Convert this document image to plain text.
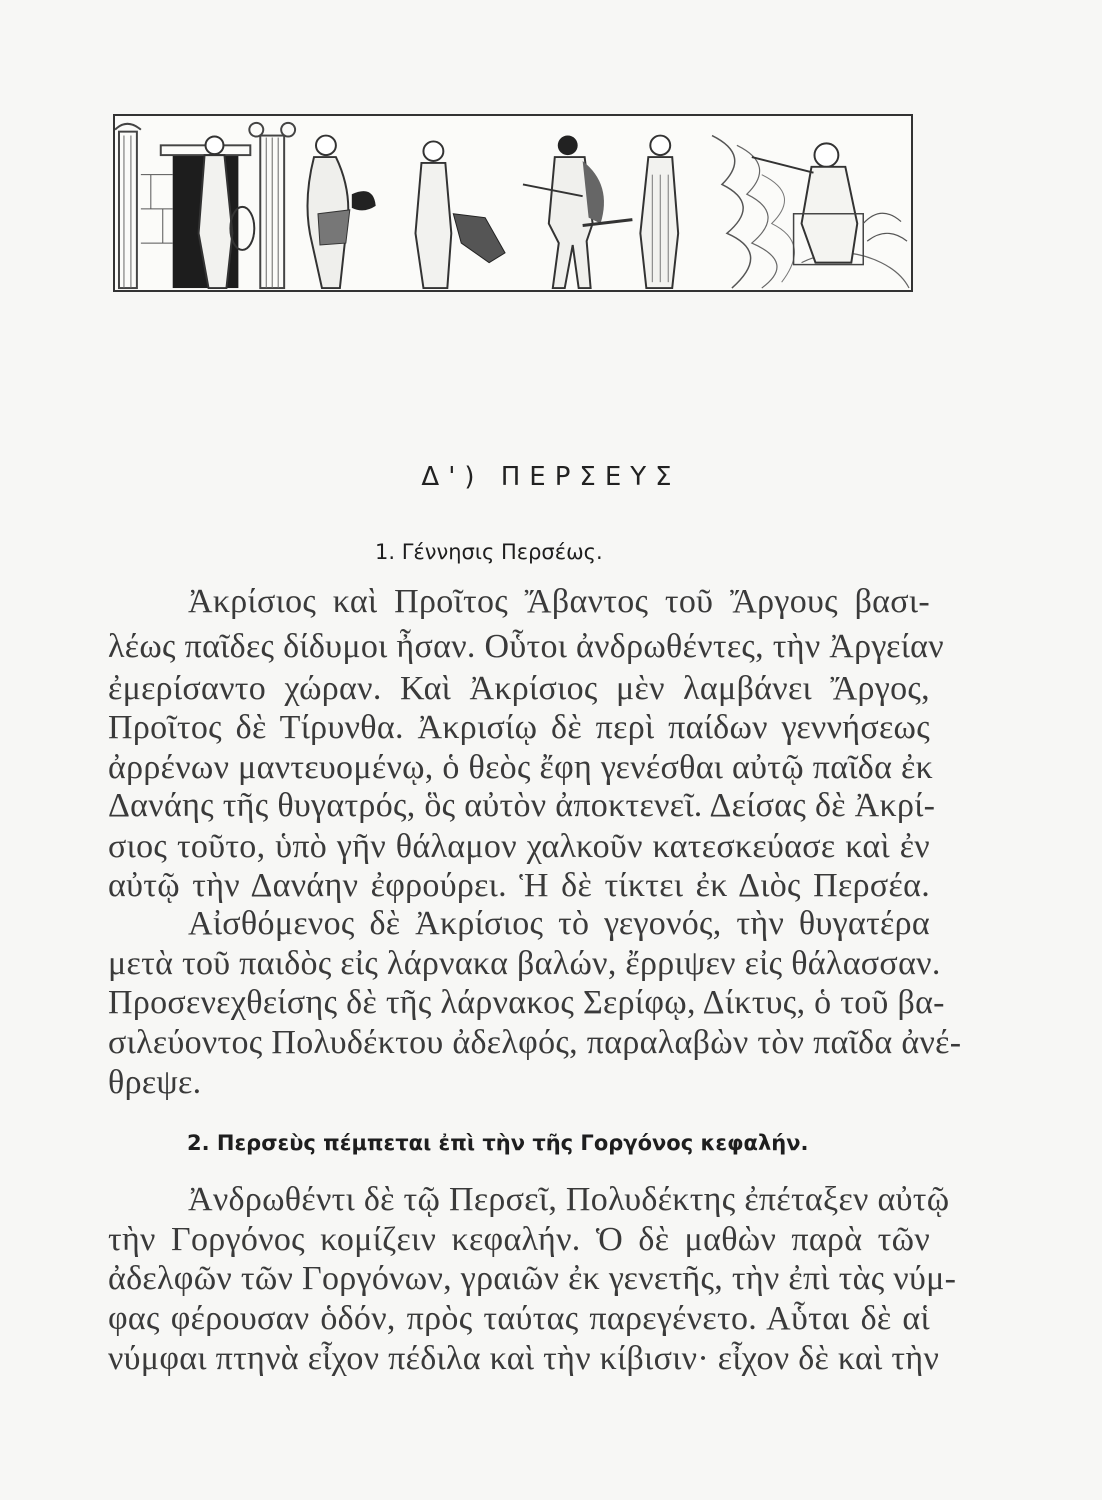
Δ') ΠΕΡΣΕΥΣ
1. Γέννησις Περσέως.
Ἀκρίσιος καὶ Προῖτος Ἄβαντος τοῦ Ἄργους βασι-
λέως παῖδες δίδυμοι ἦσαν. Οὗτοι ἀνδρωθέντες, τὴν Ἀργείαν
ἐμερίσαντο χώραν. Καὶ Ἀκρίσιος μὲν λαμβάνει Ἄργος,
Προῖτος δὲ Τίρυνθα. Ἀκρισίῳ δὲ περὶ παίδων γεννήσεως
ἀρρένων μαντευομένῳ, ὁ θεὸς ἔφη γενέσθαι αὐτῷ παῖδα ἐκ
Δανάης τῆς θυγατρός, ὃς αὐτὸν ἀποκτενεῖ. Δείσας δὲ Ἀκρί-
σιος τοῦτο, ὑπὸ γῆν θάλαμον χαλκοῦν κατεσκεύασε καὶ ἐν
αὐτῷ τὴν Δανάην ἐφρούρει. Ἡ δὲ τίκτει ἐκ Διὸς Περσέα.
Αἰσθόμενος δὲ Ἀκρίσιος τὸ γεγονός, τὴν θυγατέρα
μετὰ τοῦ παιδὸς εἰς λάρνακα βαλών, ἔρριψεν εἰς θάλασσαν.
Προσενεχθείσης δὲ τῆς λάρνακος Σερίφῳ, Δίκτυς, ὁ τοῦ βα-
σιλεύοντος Πολυδέκτου ἀδελφός, παραλαβὼν τὸν παῖδα ἀνέ-
θρεψε.
2. Περσεὺς πέμπεται ἐπὶ τὴν τῆς Γοργόνος κεφαλήν.
Ἀνδρωθέντι δὲ τῷ Περσεῖ, Πολυδέκτης ἐπέταξεν αὐτῷ
τὴν Γοργόνος κομίζειν κεφαλήν. Ὁ δὲ μαθὼν παρὰ τῶν
ἀδελφῶν τῶν Γοργόνων, γραιῶν ἐκ γενετῆς, τὴν ἐπὶ τὰς νύμ-
φας φέρουσαν ὁδόν, πρὸς ταύτας παρεγένετο. Αὗται δὲ αἱ
νύμφαι πτηνὰ εἶχον πέδιλα καὶ τὴν κίβισιν· εἶχον δὲ καὶ τὴν
